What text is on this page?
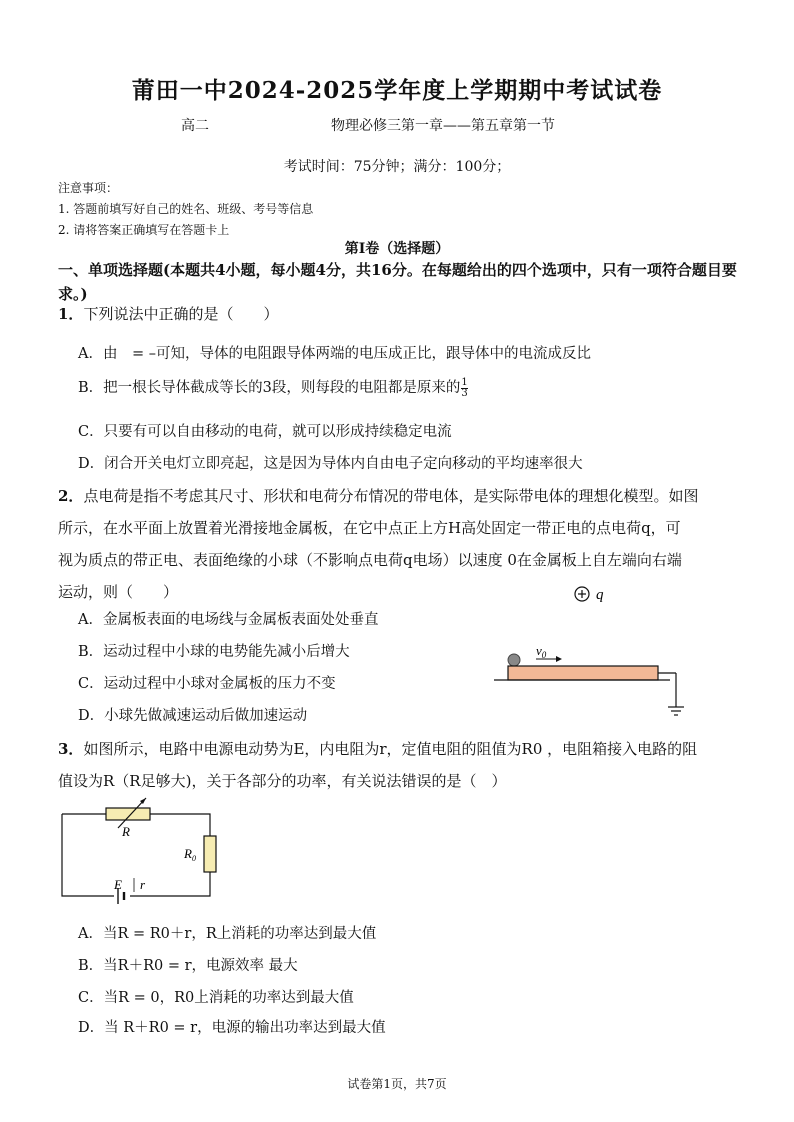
莆田一中2024-2025学年度上学期期中考试试卷
高二	物理必修三第一章——第五章第一节
考试时间：75分钟；满分：100分；
注意事项：
1. 答题前填写好自己的姓名、班级、考号等信息
2. 请将答案正确填写在答题卡上
第I卷（选择题）
一、单项选择题(本题共4小题，每小题4分，共16分。在每题给出的四个选项中，只有一项符合题目要求。)
1．下列说法中正确的是（　　）
A．由　= –可知，导体的电阻跟导体两端的电压成正比，跟导体中的电流成反比
B．把一根长导体截成等长的3段，则每段的电阻都是原来的 $\frac{1}{3}$
C．只要有可以自由移动的电荷，就可以形成持续稳定电流
D．闭合开关电灯立即亮起，这是因为导体内自由电子定向移动的平均速率很大
2．点电荷是指不考虑其尺寸、形状和电荷分布情况的带电体，是实际带电体的理想化模型。如图
所示，在水平面上放置着光滑接地金属板，在它中点正上方H高处固定一带正电的点电荷q，可
视为质点的带正电、表面绝缘的小球（不影响点电荷q电场）以速度 0在金属板上自左端向右端
运动，则（　　）
A．金属板表面的电场线与金属板表面处处垂直
B．运动过程中小球的电势能先减小后增大
C．运动过程中小球对金属板的压力不变
D．小球先做减速运动后做加速运动
q
$v_0$
3．如图所示，电路中电源电动势为E，内电阻为r，定值电阻的阻值为R0 ，电阻箱接入电路的阻
值设为R（R足够大)，关于各部分的功率，有关说法错误的是（　）
R
$R_0$
E r
A．当R = R0＋r，R上消耗的功率达到最大值
B．当R＋R0 = r，电源效率 最大
C．当R = 0，R0上消耗的功率达到最大值
D．当 R＋R0 = r，电源的输出功率达到最大值
试卷第1页，共7页
